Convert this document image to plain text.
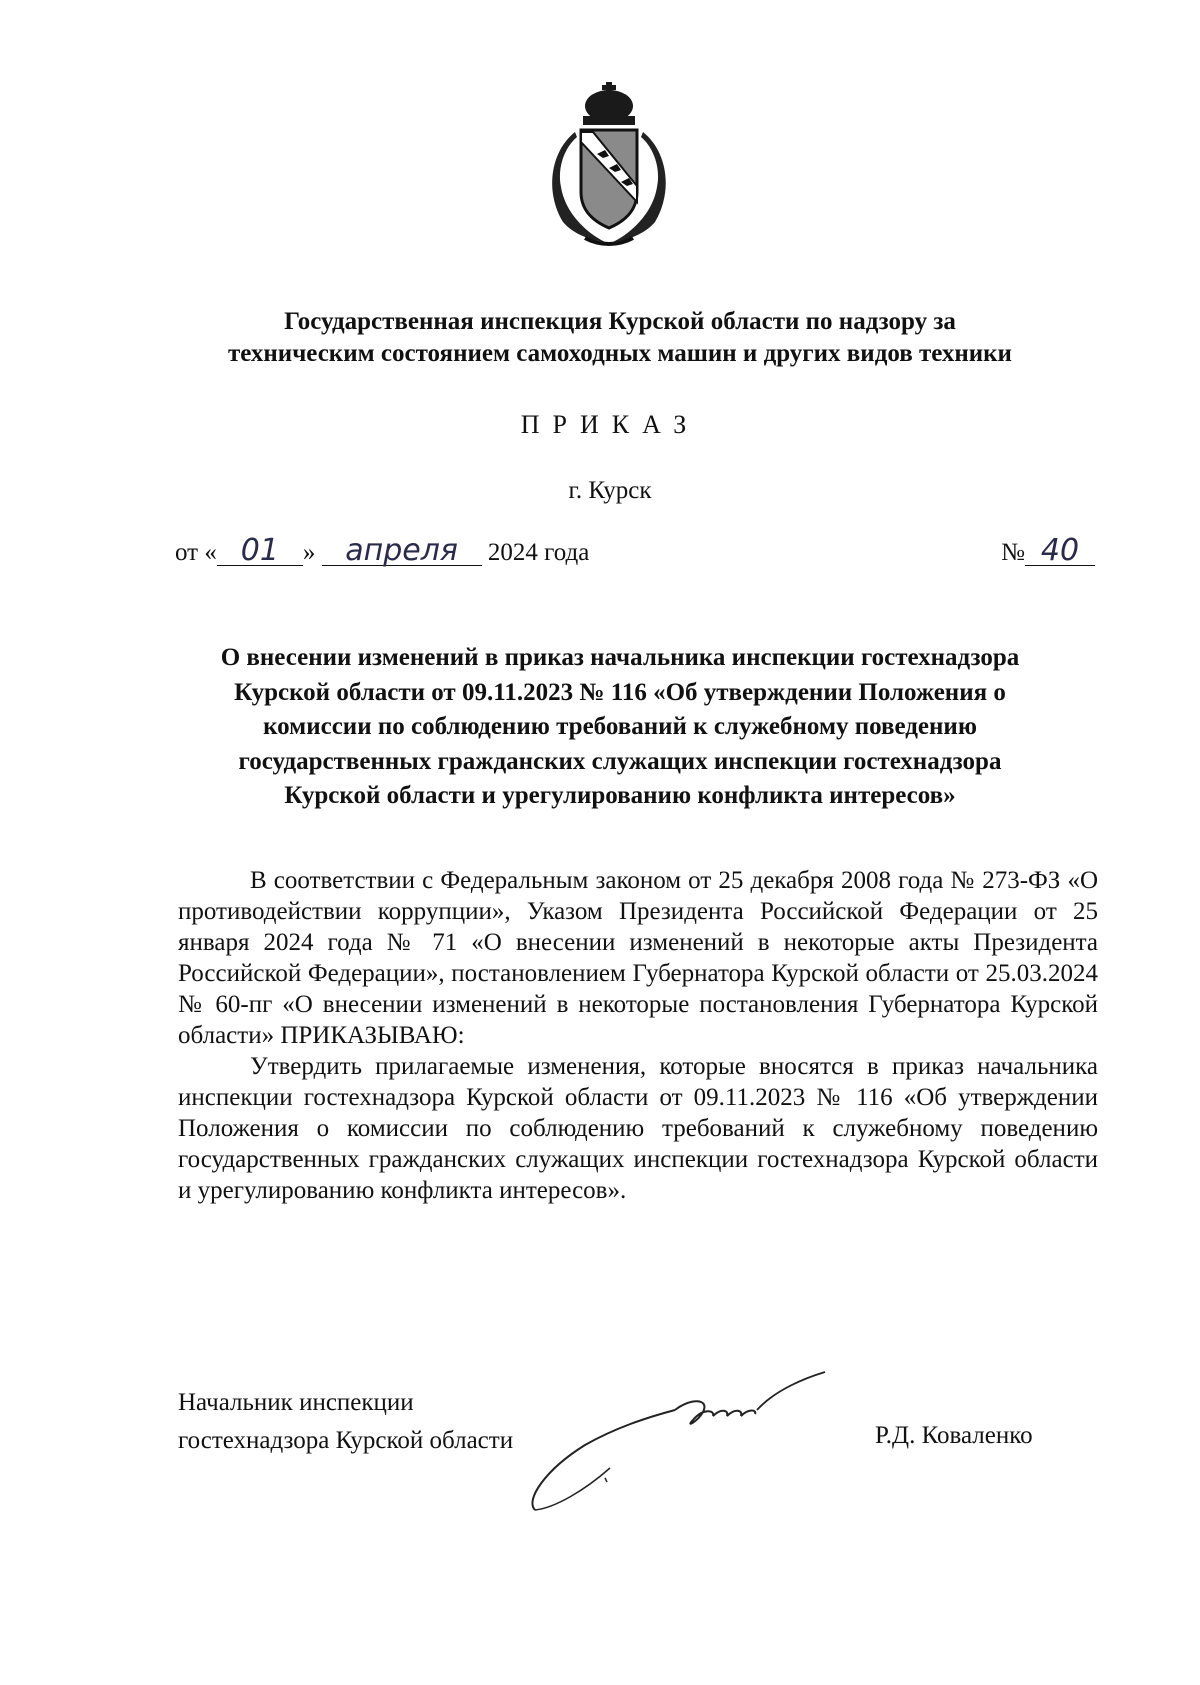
Государственная инспекция Курской области по надзору за
техническим состоянием самоходных машин и других видов техники
ПРИКАЗ
г. Курск
от « 01 » апреля 2024 года	№ 40
О внесении изменений в приказ начальника инспекции гостехнадзора
Курской области от 09.11.2023 № 116 «Об утверждении Положения о
комиссии по соблюдению требований к служебному поведению
государственных гражданских служащих инспекции гостехнадзора
Курской области и урегулированию конфликта интересов»

В соответствии с Федеральным законом от 25 декабря 2008 года № 273-ФЗ «О противодействии коррупции», Указом Президента Российской Федерации от 25 января 2024 года № 71 «О внесении изменений в некоторые акты Президента Российской Федерации», постановлением Губернатора Курской области от 25.03.2024 № 60-пг «О внесении изменений в некоторые постановления Губернатора Курской области» ПРИКАЗЫВАЮ:

Утвердить прилагаемые изменения, которые вносятся в приказ начальника инспекции гостехнадзора Курской области от 09.11.2023 № 116 «Об утверждении Положения о комиссии по соблюдению требований к служебному поведению государственных гражданских служащих инспекции гостехнадзора Курской области и урегулированию конфликта интересов».

Начальник инспекции
гостехнадзора Курской области	Р.Д. Коваленко
